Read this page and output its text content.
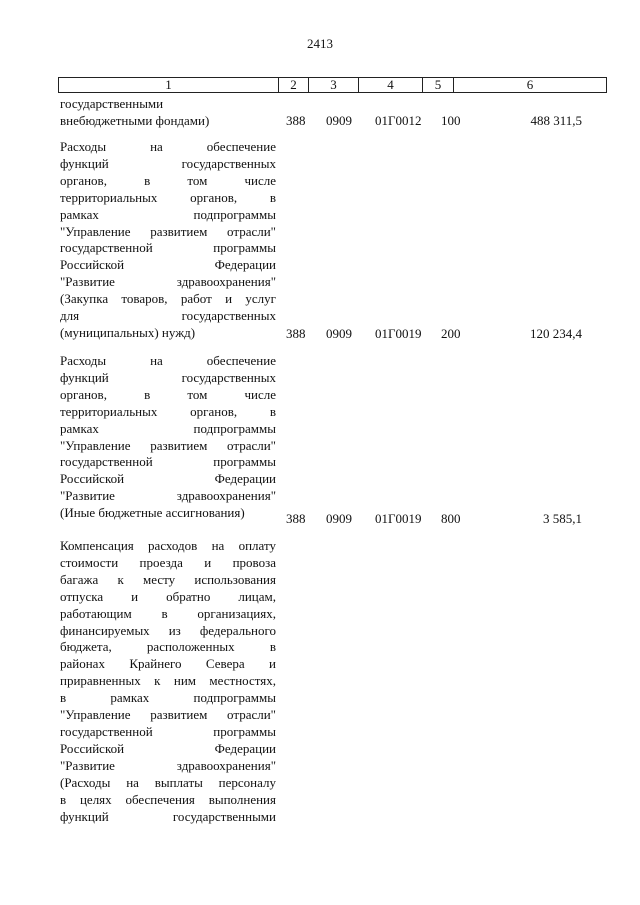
2413
1	2	3	4	5	6
государственными
внебюджетными фондами)	388 0909 01Г0012 100	488 311,5
Расходы на обеспечение
функций государственных
органов, в том числе
территориальных органов, в
рамках подпрограммы
"Управление развитием отрасли"
государственной программы
Российской Федерации
"Развитие здравоохранения"
(Закупка товаров, работ и услуг
для государственных
(муниципальных) нужд)	388 0909 01Г0019 200	120 234,4
Расходы на обеспечение
функций государственных
органов, в том числе
территориальных органов, в
рамках подпрограммы
"Управление развитием отрасли"
государственной программы
Российской Федерации
"Развитие здравоохранения"
(Иные бюджетные ассигнования)	388 0909 01Г0019 800	3 585,1
Компенсация расходов на оплату
стоимости проезда и провоза
багажа к месту использования
отпуска и обратно лицам,
работающим в организациях,
финансируемых из федерального
бюджета, расположенных в
районах Крайнего Севера и
приравненных к ним местностях,
в рамках подпрограммы
"Управление развитием отрасли"
государственной программы
Российской Федерации
"Развитие здравоохранения"
(Расходы на выплаты персоналу
в целях обеспечения выполнения
функций государственными
